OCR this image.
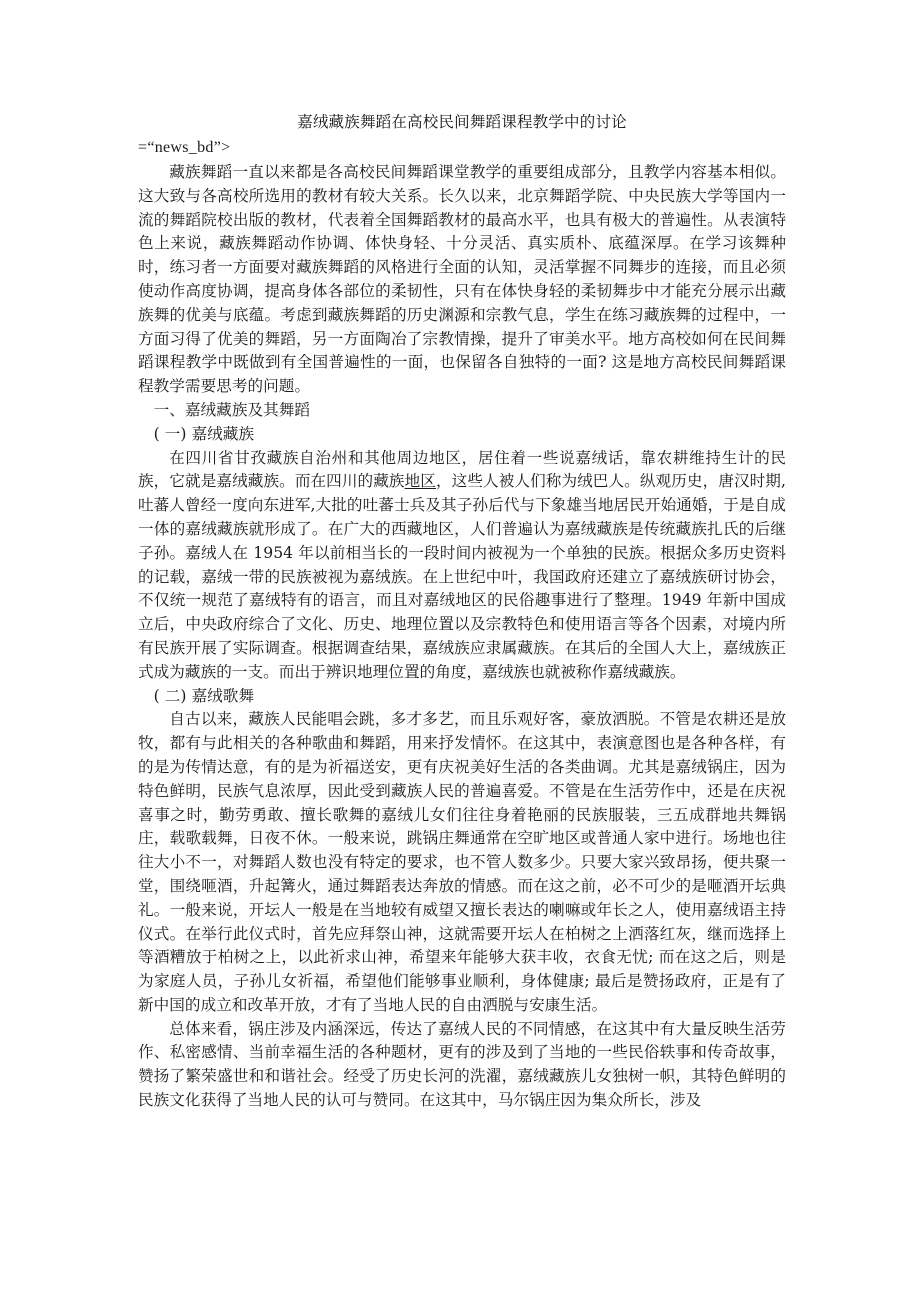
嘉绒藏族舞蹈在高校民间舞蹈课程教学中的讨论
=“news_bd”>

藏族舞蹈一直以来都是各高校民间舞蹈课堂教学的重要组成部分，且教学内容基本相似。这大致与各高校所选用的教材有较大关系。长久以来，北京舞蹈学院、中央民族大学等国内一流的舞蹈院校出版的教材，代表着全国舞蹈教材的最高水平，也具有极大的普遍性。从表演特色上来说，藏族舞蹈动作协调、体快身轻、十分灵活、真实质朴、底蕴深厚。在学习该舞种时，练习者一方面要对藏族舞蹈的风格进行全面的认知，灵活掌握不同舞步的连接，而且必须使动作高度协调，提高身体各部位的柔韧性，只有在体快身轻的柔韧舞步中才能充分展示出藏族舞的优美与底蕴。考虑到藏族舞蹈的历史渊源和宗教气息，学生在练习藏族舞的过程中，一方面习得了优美的舞蹈，另一方面陶冶了宗教情操，提升了审美水平。地方高校如何在民间舞蹈课程教学中既做到有全国普遍性的一面，也保留各自独特的一面? 这是地方高校民间舞蹈课程教学需要思考的问题。

一、嘉绒藏族及其舞蹈

( 一) 嘉绒藏族

在四川省甘孜藏族自治州和其他周边地区，居住着一些说嘉绒话，靠农耕维持生计的民族，它就是嘉绒藏族。而在四川的藏族地区，这些人被人们称为绒巴人。纵观历史，唐汉时期,吐蕃人曾经一度向东进军,大批的吐蕃士兵及其子孙后代与下象雄当地居民开始通婚，于是自成一体的嘉绒藏族就形成了。在广大的西藏地区，人们普遍认为嘉绒藏族是传统藏族扎氏的后继子孙。嘉绒人在 1954 年以前相当长的一段时间内被视为一个单独的民族。根据众多历史资料的记载，嘉绒一带的民族被视为嘉绒族。在上世纪中叶，我国政府还建立了嘉绒族研讨协会，不仅统一规范了嘉绒特有的语言，而且对嘉绒地区的民俗趣事进行了整理。1949 年新中国成立后，中央政府综合了文化、历史、地理位置以及宗教特色和使用语言等各个因素，对境内所有民族开展了实际调查。根据调查结果，嘉绒族应隶属藏族。在其后的全国人大上，嘉绒族正式成为藏族的一支。而出于辨识地理位置的角度，嘉绒族也就被称作嘉绒藏族。

( 二) 嘉绒歌舞

自古以来，藏族人民能唱会跳，多才多艺，而且乐观好客，豪放洒脱。不管是农耕还是放牧，都有与此相关的各种歌曲和舞蹈，用来抒发情怀。在这其中，表演意图也是各种各样，有的是为传情达意，有的是为祈福送安，更有庆祝美好生活的各类曲调。尤其是嘉绒锅庄，因为特色鲜明，民族气息浓厚，因此受到藏族人民的普遍喜爱。不管是在生活劳作中，还是在庆祝喜事之时，勤劳勇敢、擅长歌舞的嘉绒儿女们往往身着艳丽的民族服装，三五成群地共舞锅庄，载歌载舞，日夜不休。一般来说，跳锅庄舞通常在空旷地区或普通人家中进行。场地也往往大小不一，对舞蹈人数也没有特定的要求，也不管人数多少。只要大家兴致昂扬，便共聚一堂，围绕咂酒，升起篝火，通过舞蹈表达奔放的情感。而在这之前，必不可少的是咂酒开坛典礼。一般来说，开坛人一般是在当地较有威望又擅长表达的喇嘛或年长之人，使用嘉绒语主持仪式。在举行此仪式时，首先应拜祭山神，这就需要开坛人在柏树之上洒落红灰，继而选择上等酒糟放于柏树之上，以此祈求山神，希望来年能够大获丰收，衣食无忧; 而在这之后，则是为家庭人员，子孙儿女祈福，希望他们能够事业顺利，身体健康; 最后是赞扬政府，正是有了新中国的成立和改革开放，才有了当地人民的自由洒脱与安康生活。

总体来看，锅庄涉及内涵深远，传达了嘉绒人民的不同情感，在这其中有大量反映生活劳作、私密感情、当前幸福生活的各种题材，更有的涉及到了当地的一些民俗轶事和传奇故事，赞扬了繁荣盛世和和谐社会。经受了历史长河的洗濯，嘉绒藏族儿女独树一帜，其特色鲜明的民族文化获得了当地人民的认可与赞同。在这其中，马尔锅庄因为集众所长，涉及
